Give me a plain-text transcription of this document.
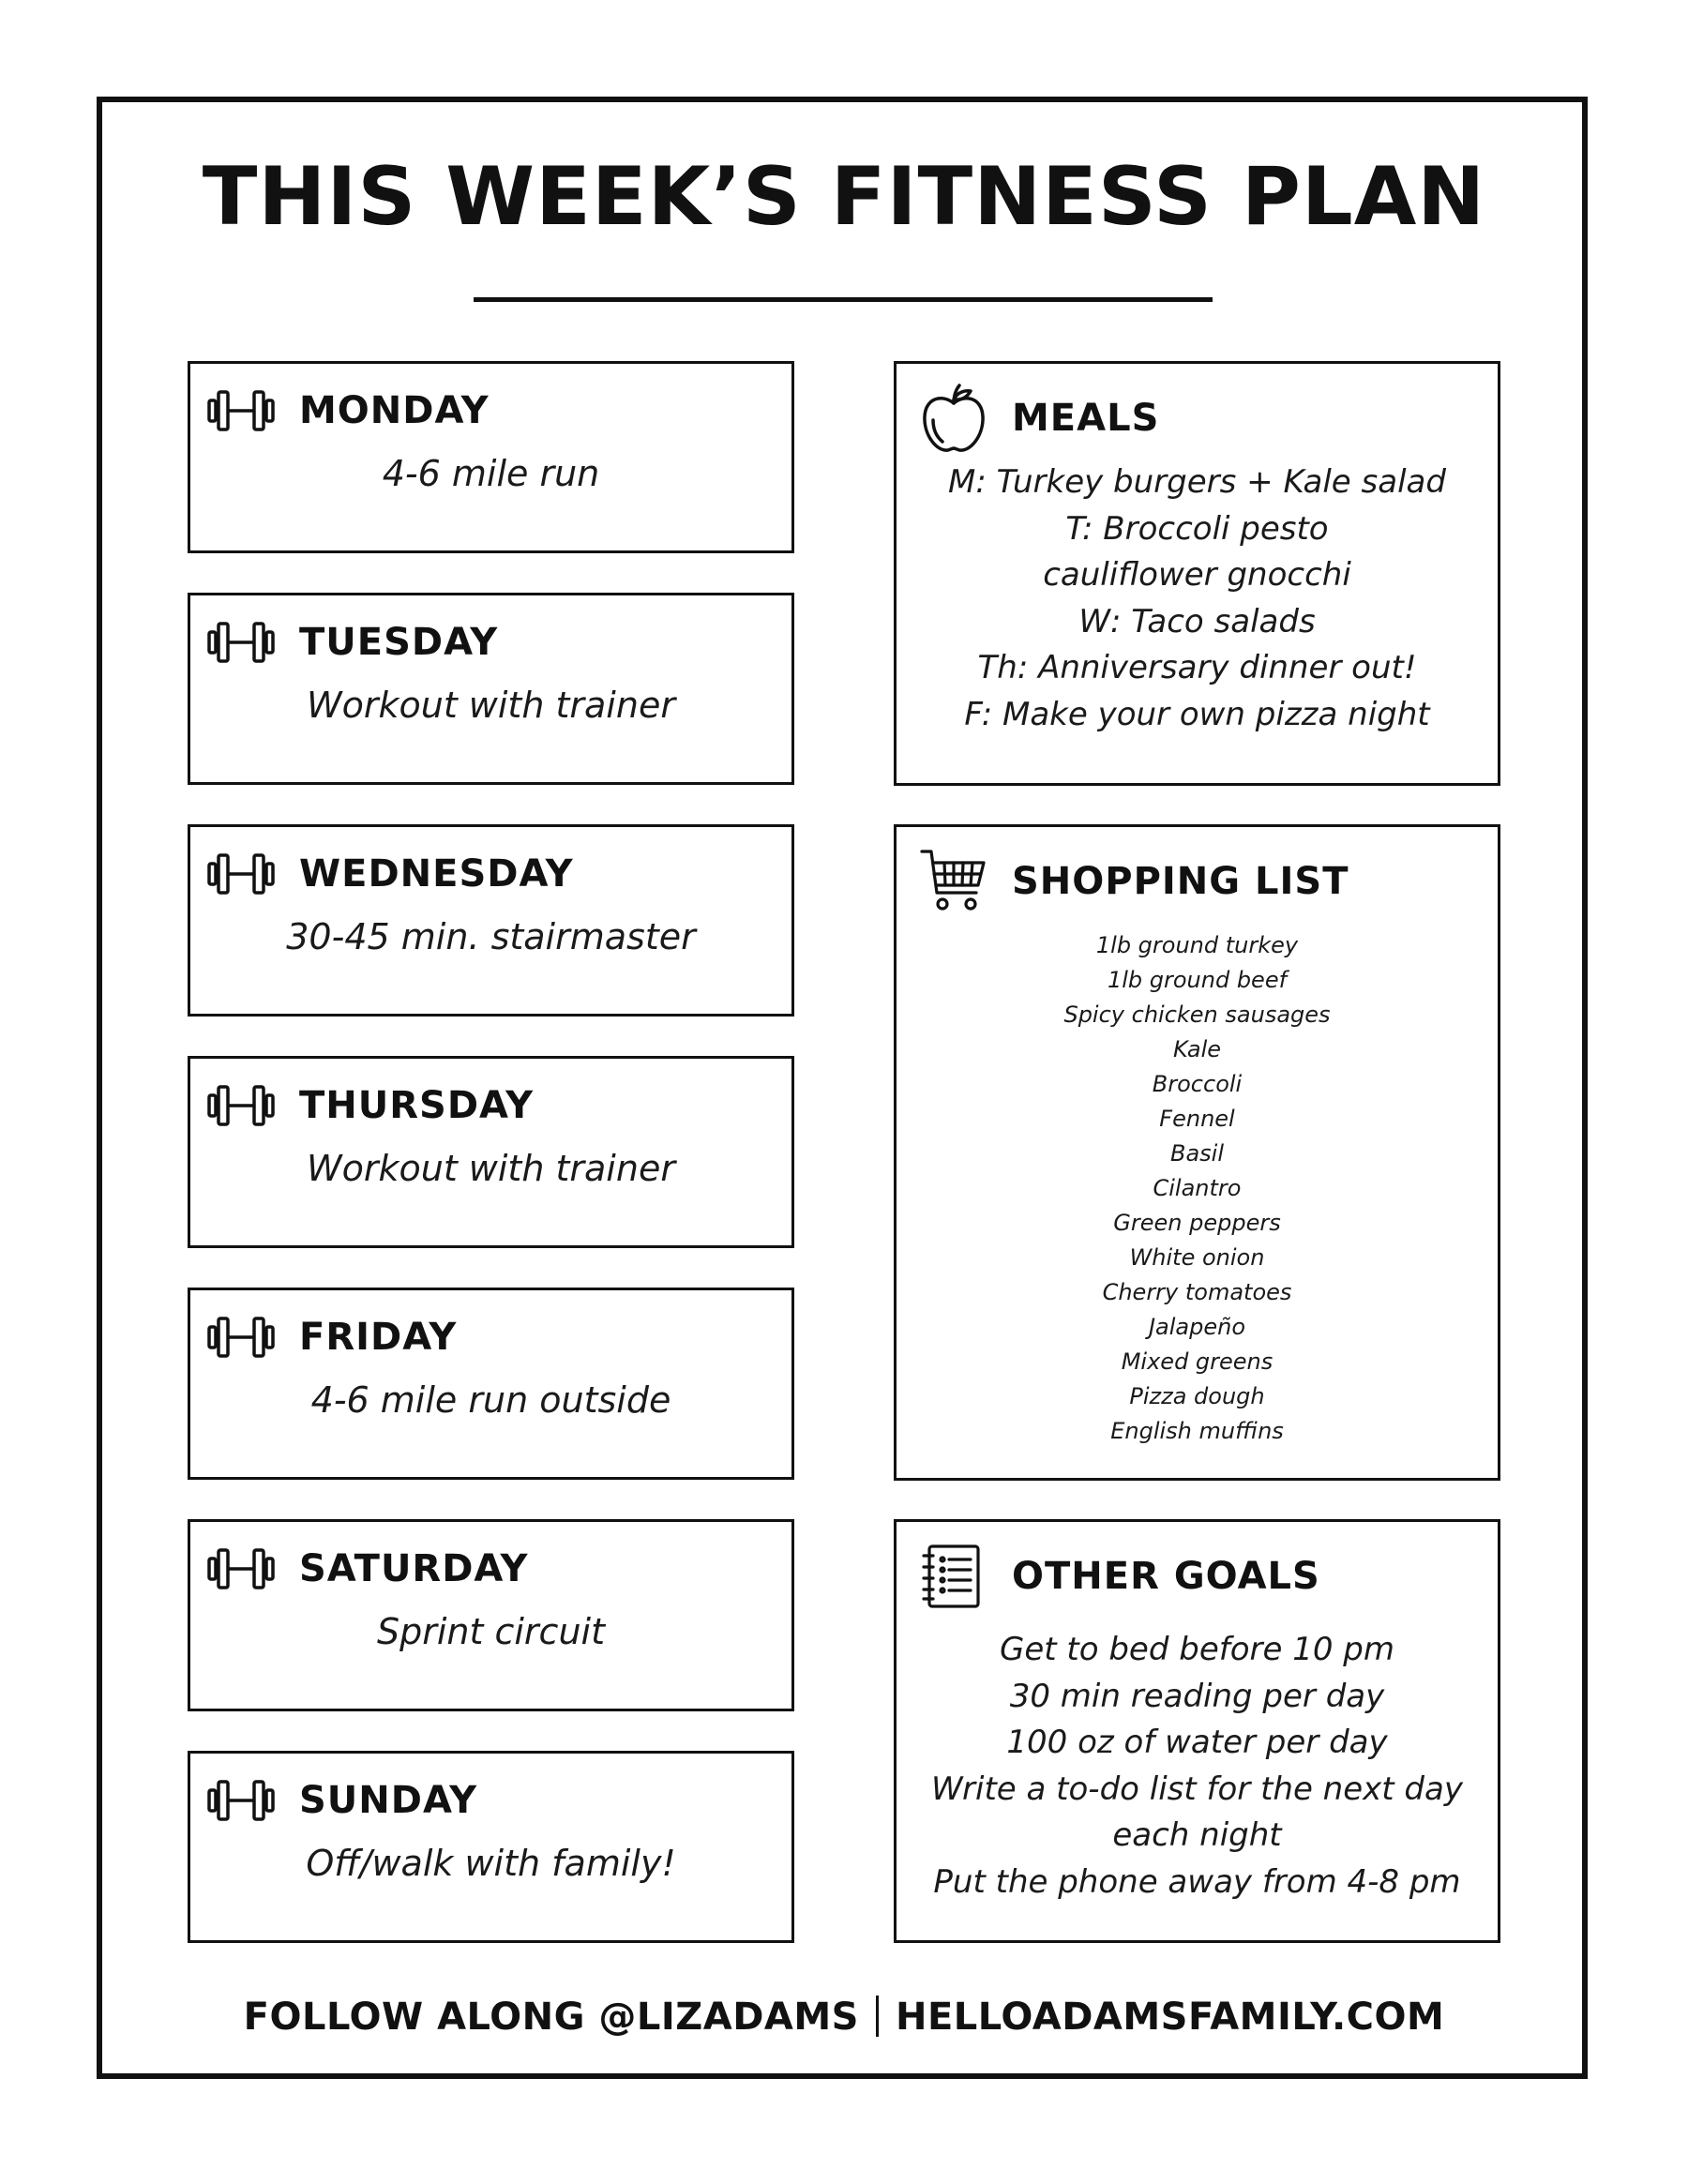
THIS WEEK’S FITNESS PLAN
MONDAY
4-6 mile run
TUESDAY
Workout with trainer
WEDNESDAY
30-45 min. stairmaster
THURSDAY
Workout with trainer
FRIDAY
4-6 mile run outside
SATURDAY
Sprint circuit
SUNDAY
Off/walk with family!
MEALS
M: Turkey burgers + Kale salad
T: Broccoli pesto
cauliflower gnocchi
W: Taco salads
Th: Anniversary dinner out!
F: Make your own pizza night
SHOPPING LIST
1lb ground turkey
1lb ground beef
Spicy chicken sausages
Kale
Broccoli
Fennel
Basil
Cilantro
Green peppers
White onion
Cherry tomatoes
Jalapeño
Mixed greens
Pizza dough
English muffins
OTHER GOALS
Get to bed before 10 pm
30 min reading per day
100 oz of water per day
Write a to-do list for the next day
each night
Put the phone away from 4-8 pm
FOLLOW ALONG @LIZADAMS HELLOADAMSFAMILY.COM
